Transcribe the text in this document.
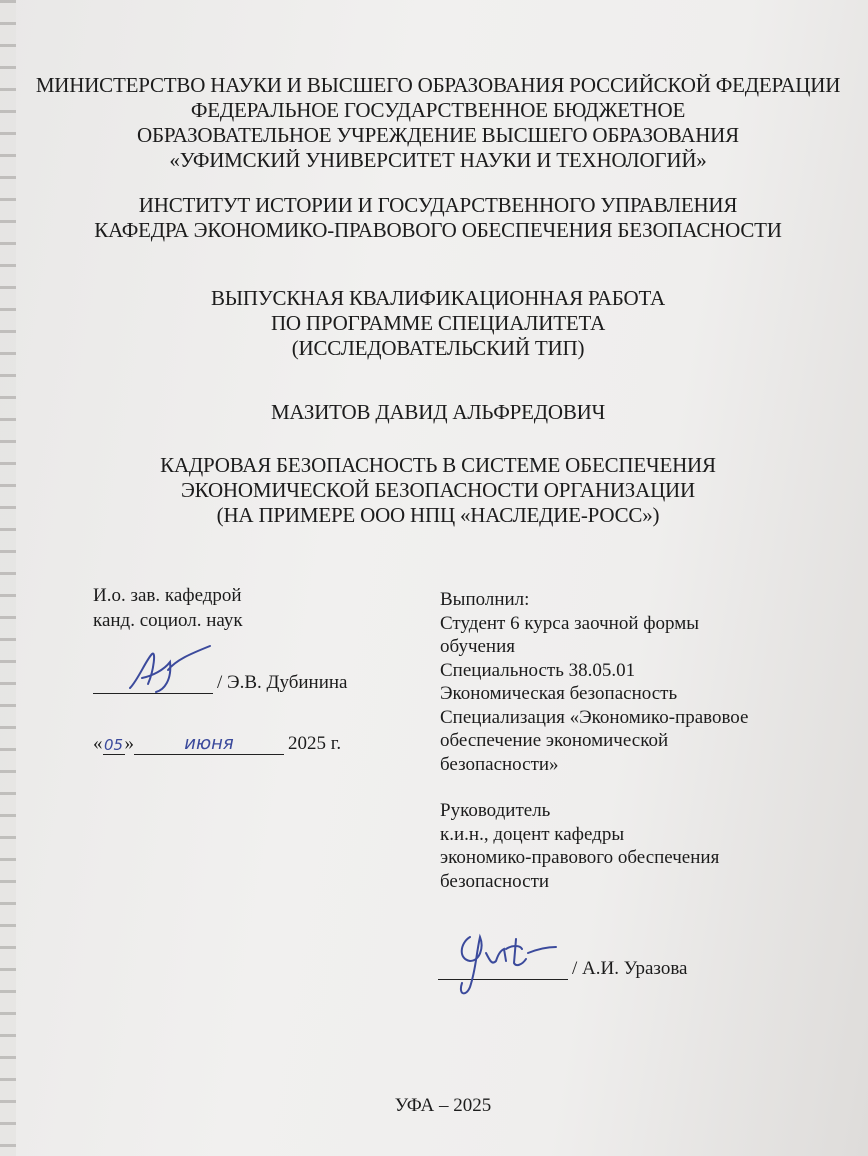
МИНИСТЕРСТВО НАУКИ И ВЫСШЕГО ОБРАЗОВАНИЯ РОССИЙСКОЙ ФЕДЕРАЦИИ
ФЕДЕРАЛЬНОЕ ГОСУДАРСТВЕННОЕ БЮДЖЕТНОЕ
ОБРАЗОВАТЕЛЬНОЕ УЧРЕЖДЕНИЕ ВЫСШЕГО ОБРАЗОВАНИЯ
«УФИМСКИЙ УНИВЕРСИТЕТ НАУКИ И ТЕХНОЛОГИЙ»
ИНСТИТУТ ИСТОРИИ И ГОСУДАРСТВЕННОГО УПРАВЛЕНИЯ
КАФЕДРА ЭКОНОМИКО-ПРАВОВОГО ОБЕСПЕЧЕНИЯ БЕЗОПАСНОСТИ
ВЫПУСКНАЯ КВАЛИФИКАЦИОННАЯ РАБОТА
ПО ПРОГРАММЕ СПЕЦИАЛИТЕТА
(ИССЛЕДОВАТЕЛЬСКИЙ ТИП)
МАЗИТОВ ДАВИД АЛЬФРЕДОВИЧ
КАДРОВАЯ БЕЗОПАСНОСТЬ В СИСТЕМЕ ОБЕСПЕЧЕНИЯ
ЭКОНОМИЧЕСКОЙ БЕЗОПАСНОСТИ ОРГАНИЗАЦИИ
(НА ПРИМЕРЕ ООО НПЦ «НАСЛЕДИЕ-РОСС»)
И.о. зав. кафедрой
канд. социол. наук
/ Э.В. Дубинина
«05»	июня	2025 г.
Выполнил:
Студент 6 курса заочной формы
обучения
Специальность 38.05.01
Экономическая безопасность
Специализация «Экономико-правовое
обеспечение экономической
безопасности»
Руководитель
к.и.н., доцент кафедры
экономико-правового обеспечения
безопасности
/ А.И. Уразова
УФА – 2025
